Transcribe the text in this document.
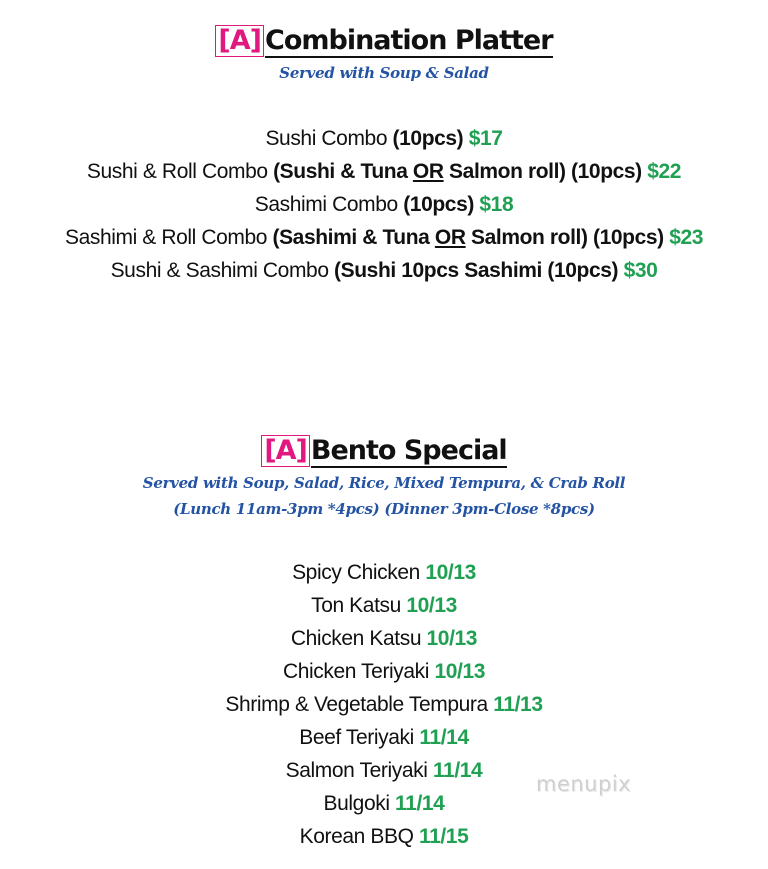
[A] Combination Platter

Served with Soup & Salad

Sushi Combo (10pcs) $17
Sushi & Roll Combo (Sushi & Tuna OR Salmon roll) (10pcs) $22
Sashimi Combo (10pcs) $18
Sashimi & Roll Combo (Sashimi & Tuna OR Salmon roll) (10pcs) $23
Sushi & Sashimi Combo (Sushi 10pcs Sashimi (10pcs) $30
[A] Bento Special

Served with Soup, Salad, Rice, Mixed Tempura, & Crab Roll

(Lunch 11am-3pm *4pcs) (Dinner 3pm-Close *8pcs)

Spicy Chicken 10/13
Ton Katsu 10/13
Chicken Katsu 10/13
Chicken Teriyaki 10/13
Shrimp & Vegetable Tempura 11/13
Beef Teriyaki 11/14
Salmon Teriyaki 11/14
Bulgoki 11/14
Korean BBQ 11/15
menupix
